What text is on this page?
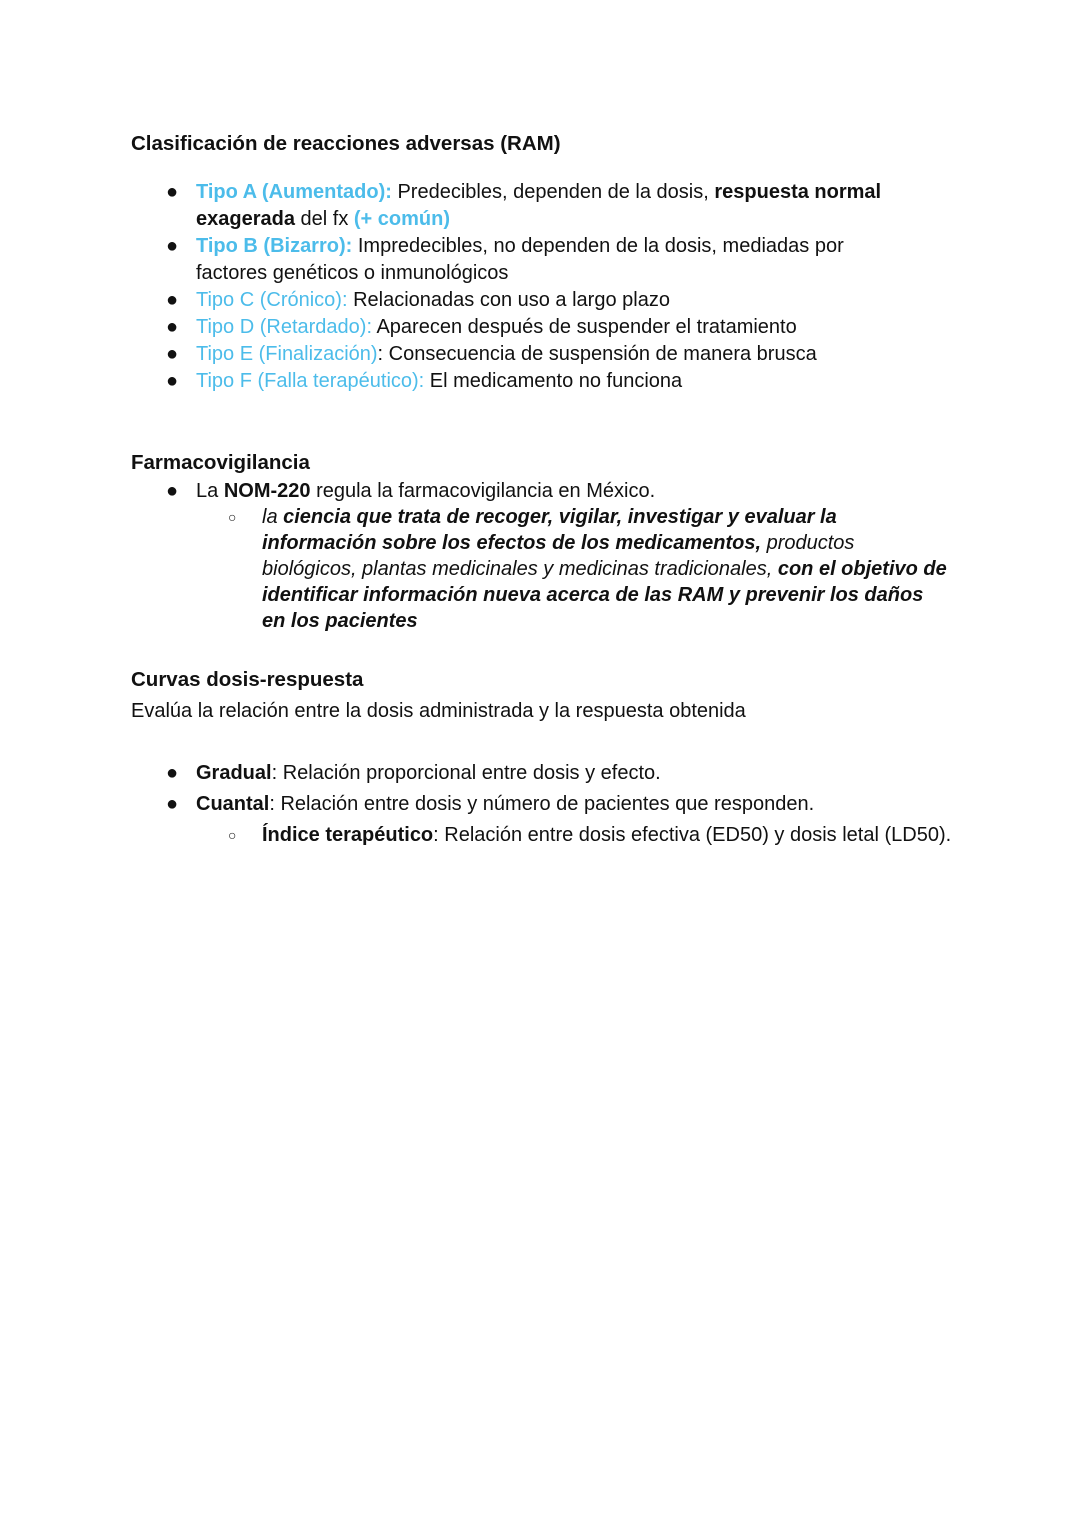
Clasificación de reacciones adversas (RAM)
● Tipo A (Aumentado): Predecibles, dependen de la dosis, respuesta normal exagerada del fx (+ común)
● Tipo B (Bizarro): Impredecibles, no dependen de la dosis, mediadas por factores genéticos o inmunológicos
● Tipo C (Crónico): Relacionadas con uso a largo plazo
● Tipo D (Retardado): Aparecen después de suspender el tratamiento
● Tipo E (Finalización): Consecuencia de suspensión de manera brusca
● Tipo F (Falla terapéutico): El medicamento no funciona
Farmacovigilancia
● La NOM-220 regula la farmacovigilancia en México.
○ la ciencia que trata de recoger, vigilar, investigar y evaluar la información sobre los efectos de los medicamentos, productos biológicos, plantas medicinales y medicinas tradicionales, con el objetivo de identificar información nueva acerca de las RAM y prevenir los daños en los pacientes
Curvas dosis-respuesta

Evalúa la relación entre la dosis administrada y la respuesta obtenida

● Gradual: Relación proporcional entre dosis y efecto.
● Cuantal: Relación entre dosis y número de pacientes que responden.
○ Índice terapéutico: Relación entre dosis efectiva (ED50) y dosis letal (LD50).
